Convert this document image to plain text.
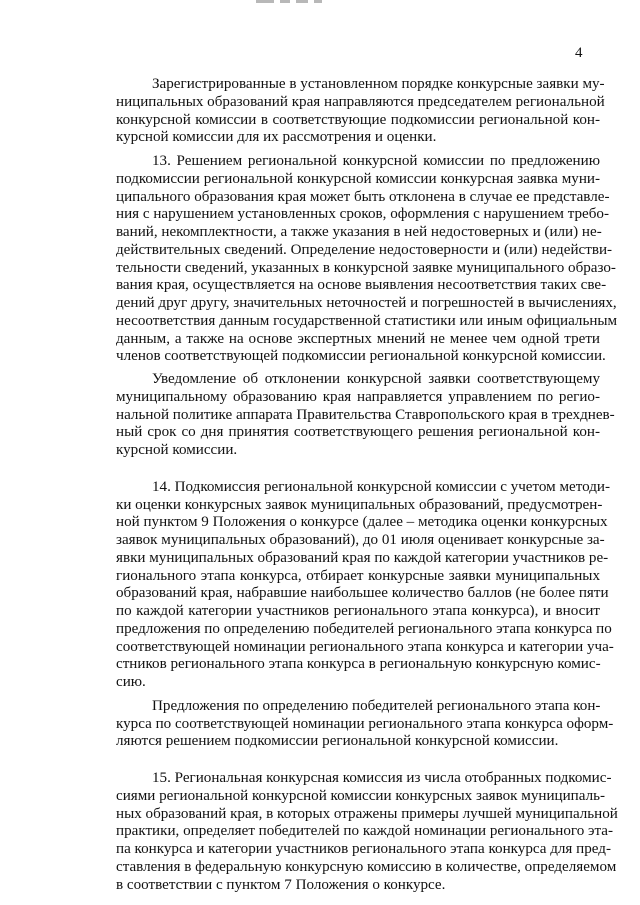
4
Зарегистрированные в установленном порядке конкурсные заявки му-
ниципальных образований края направляются председателем региональной
конкурсной комиссии в соответствующие подкомиссии региональной кон-
курсной комиссии для их рассмотрения и оценки.
13. Решением региональной конкурсной комиссии по предложению
подкомиссии региональной конкурсной комиссии конкурсная заявка муни-
ципального образования края может быть отклонена в случае ее представле-
ния с нарушением установленных сроков, оформления с нарушением требо-
ваний, некомплектности, а также указания в ней недостоверных и (или) не-
действительных сведений. Определение недостоверности и (или) недействи-
тельности сведений, указанных в конкурсной заявке муниципального образо-
вания края, осуществляется на основе выявления несоответствия таких све-
дений друг другу, значительных неточностей и погрешностей в вычислениях,
несоответствия данным государственной статистики или иным официальным
данным, а также на основе экспертных мнений не менее чем одной трети
членов соответствующей подкомиссии региональной конкурсной комиссии.
Уведомление об отклонении конкурсной заявки соответствующему
муниципальному образованию края направляется управлением по регио-
нальной политике аппарата Правительства Ставропольского края в трехднев-
ный срок со дня принятия соответствующего решения региональной кон-
курсной комиссии.
14. Подкомиссия региональной конкурсной комиссии с учетом методи-
ки оценки конкурсных заявок муниципальных образований, предусмотрен-
ной пунктом 9 Положения о конкурсе (далее – методика оценки конкурсных
заявок муниципальных образований), до 01 июля оценивает конкурсные за-
явки муниципальных образований края по каждой категории участников ре-
гионального этапа конкурса, отбирает конкурсные заявки муниципальных
образований края, набравшие наибольшее количество баллов (не более пяти
по каждой категории участников регионального этапа конкурса), и вносит
предложения по определению победителей регионального этапа конкурса по
соответствующей номинации регионального этапа конкурса и категории уча-
стников регионального этапа конкурса в региональную конкурсную комис-
сию.
Предложения по определению победителей регионального этапа кон-
курса по соответствующей номинации регионального этапа конкурса оформ-
ляются решением подкомиссии региональной конкурсной комиссии.
15. Региональная конкурсная комиссия из числа отобранных подкомис-
сиями региональной конкурсной комиссии конкурсных заявок муниципаль-
ных образований края, в которых отражены примеры лучшей муниципальной
практики, определяет победителей по каждой номинации регионального эта-
па конкурса и категории участников регионального этапа конкурса для пред-
ставления в федеральную конкурсную комиссию в количестве, определяемом
в соответствии с пунктом 7 Положения о конкурсе.
